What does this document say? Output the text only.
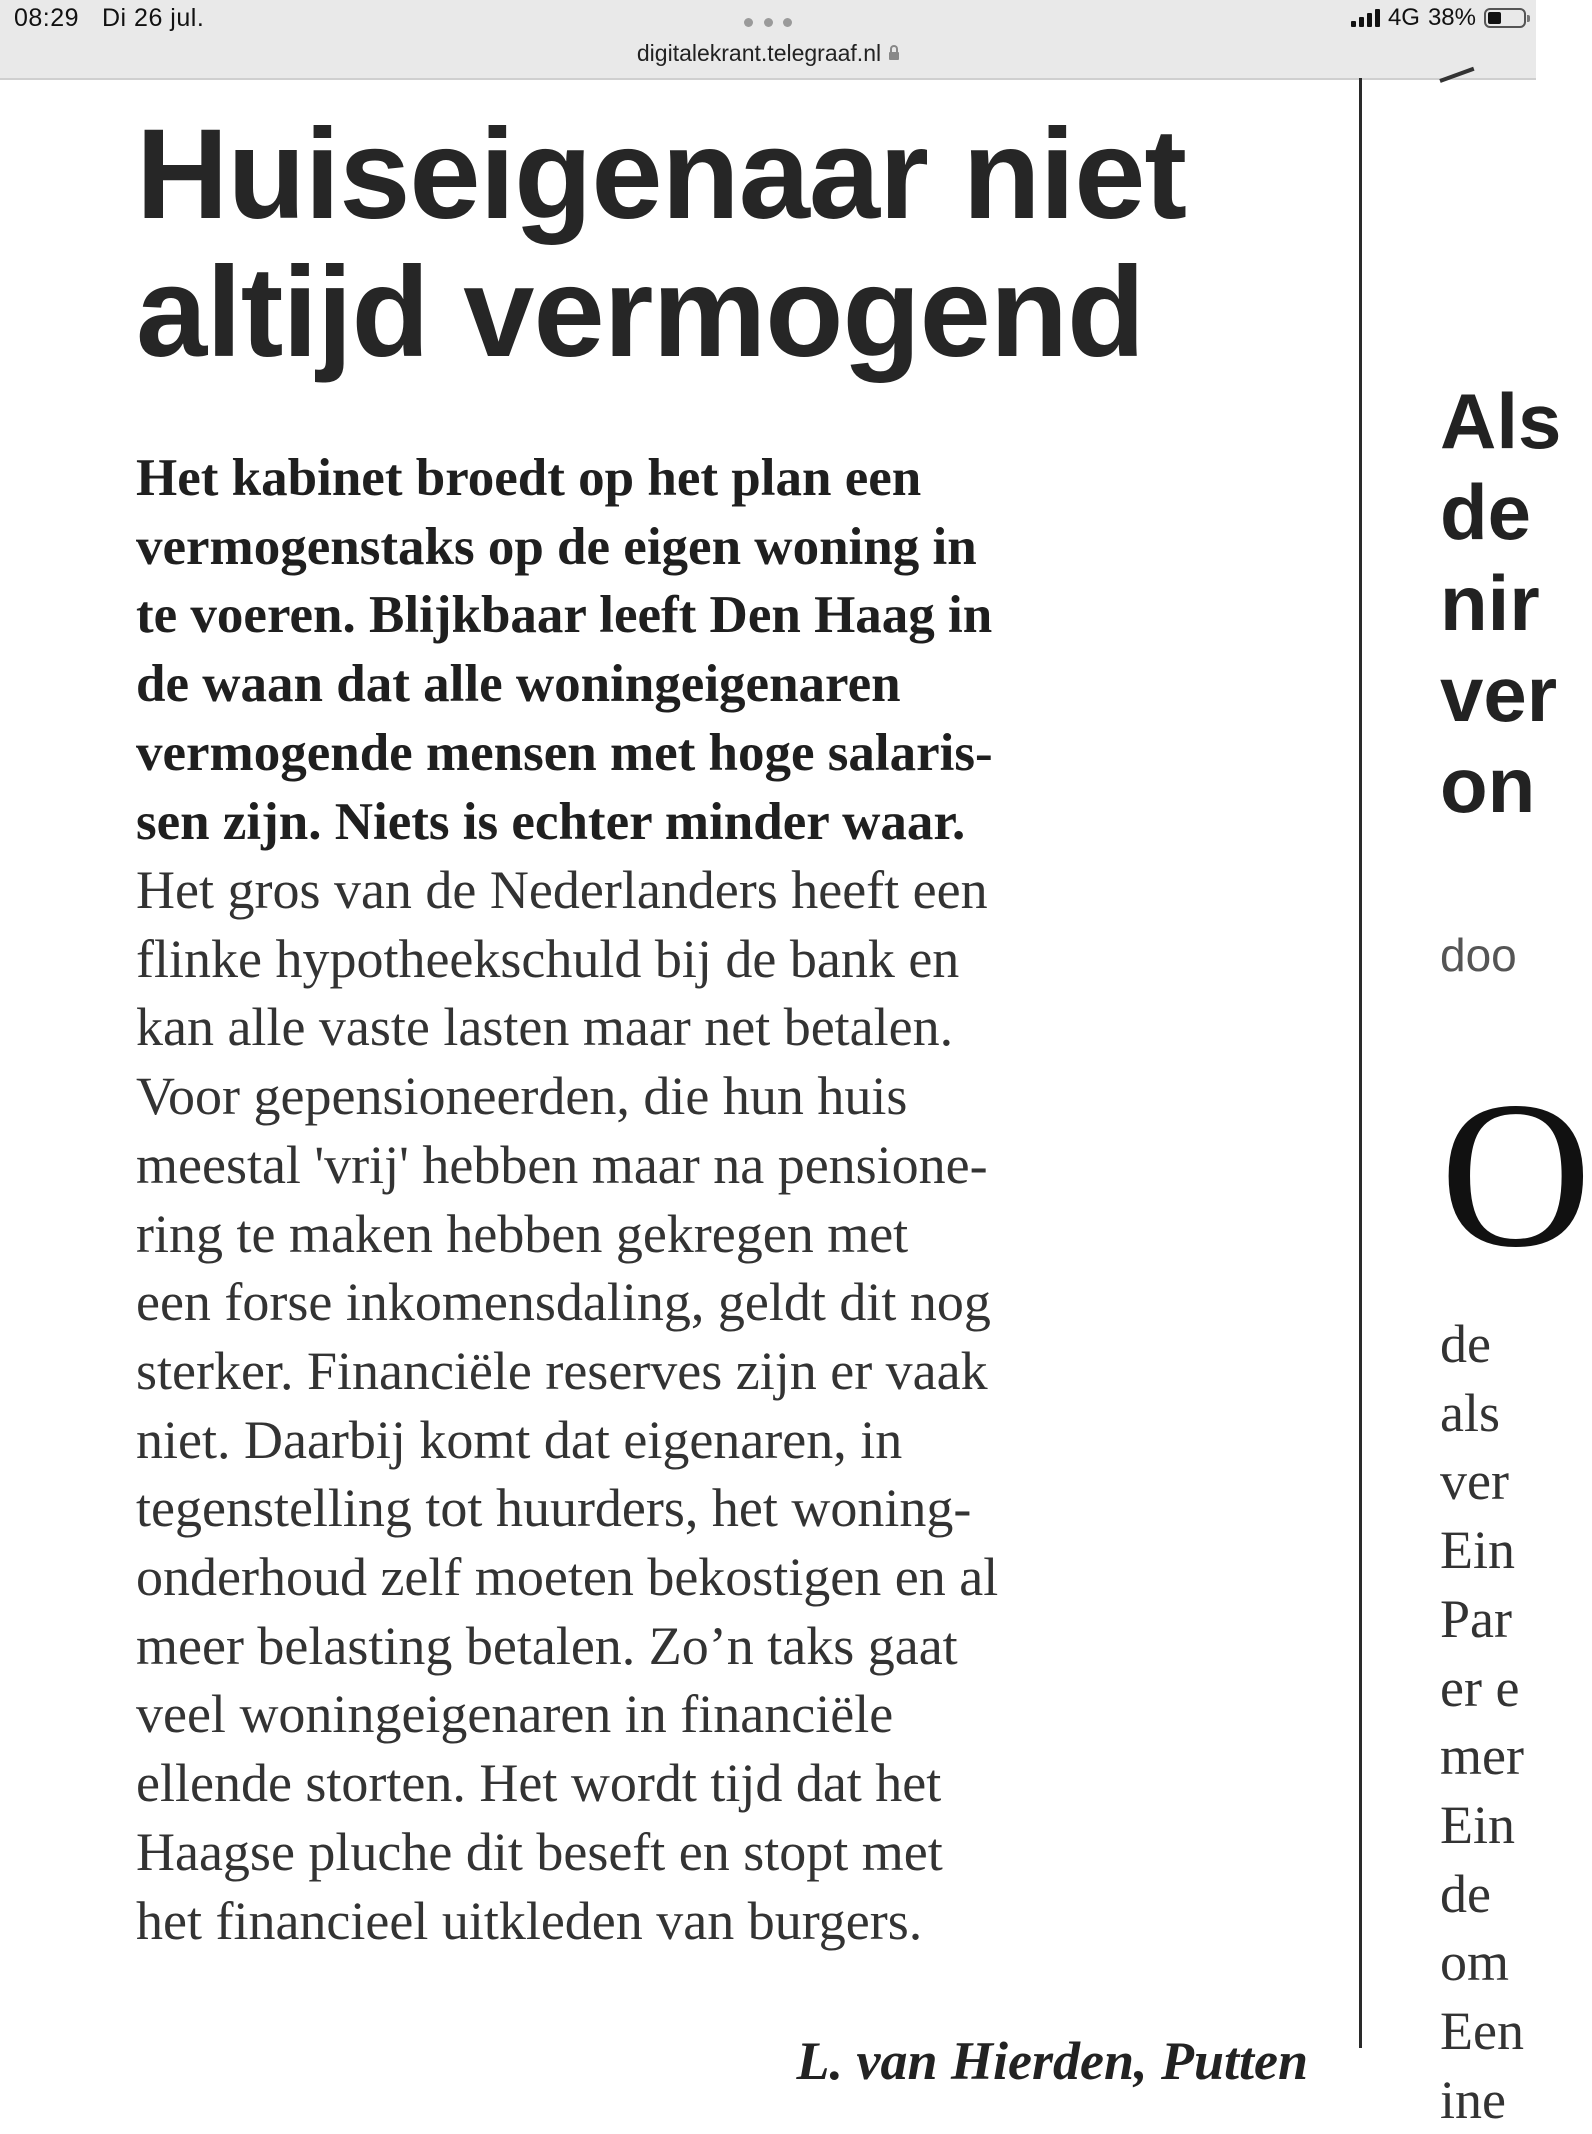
08:29 Di 26 jul.
digitalekrant.telegraaf.nl
4G 38%
Huiseigenaar niet
altijd vermogend
Het kabinet broedt op het plan een
vermogenstaks op de eigen woning in
te voeren. Blijkbaar leeft Den Haag in
de waan dat alle woningeigenaren
vermogende mensen met hoge salaris-
sen zijn. Niets is echter minder waar.
Het gros van de Nederlanders heeft een
flinke hypotheekschuld bij de bank en
kan alle vaste lasten maar net betalen.
Voor gepensioneerden, die hun huis
meestal 'vrij' hebben maar na pensione-
ring te maken hebben gekregen met
een forse inkomensdaling, geldt dit nog
sterker. Financiële reserves zijn er vaak
niet. Daarbij komt dat eigenaren, in
tegenstelling tot huurders, het woning-
onderhoud zelf moeten bekostigen en al
meer belasting betalen. Zo’n taks gaat
veel woningeigenaren in financiële
ellende storten. Het wordt tijd dat het
Haagse pluche dit beseft en stopt met
het financieel uitkleden van burgers.
L. van Hierden, Putten
Als
de
nir
ver
on
doo
O
de
als
ver
Ein
Par
er e
mer
Ein
de
om
Een
ine
